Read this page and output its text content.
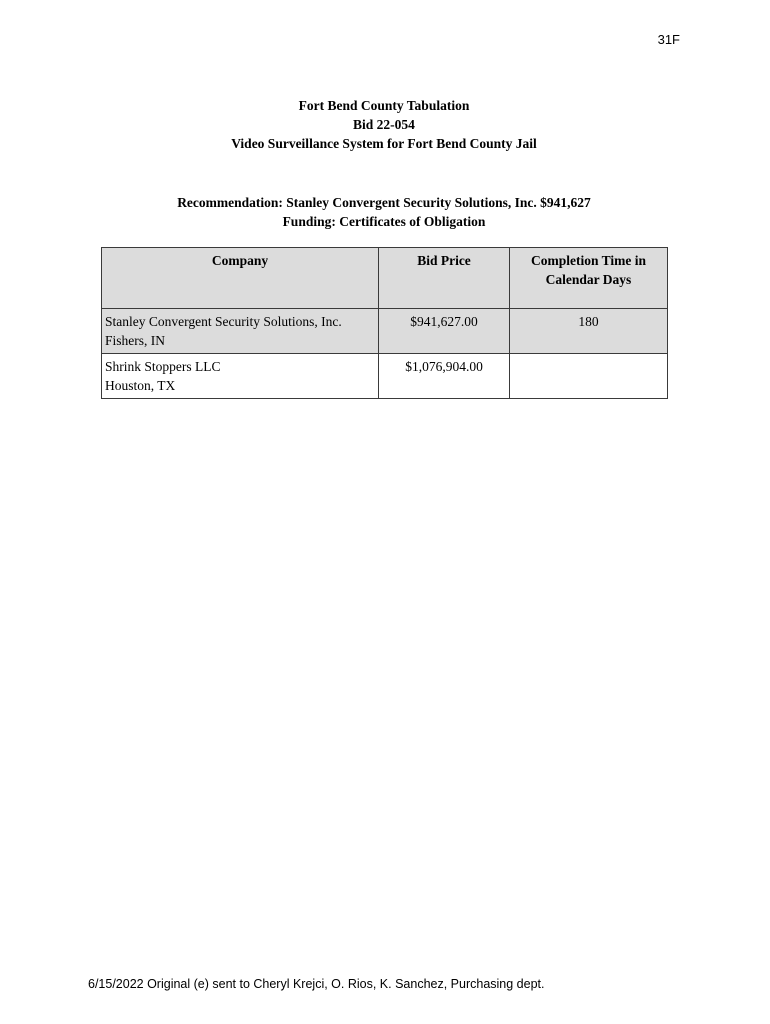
31F
Fort Bend County Tabulation
Bid 22-054
Video Surveillance System for Fort Bend County Jail
Recommendation: Stanley Convergent Security Solutions, Inc. $941,627
Funding: Certificates of Obligation
Company	Bid Price	Completion Time in
Calendar Days

Stanley Convergent Security Solutions, Inc.
Fishers, IN	$941,627.00	180

Shrink Stoppers LLC
Houston, TX	$1,076,904.00	
6/15/2022 Original (e) sent to Cheryl Krejci, O. Rios, K. Sanchez, Purchasing dept.
